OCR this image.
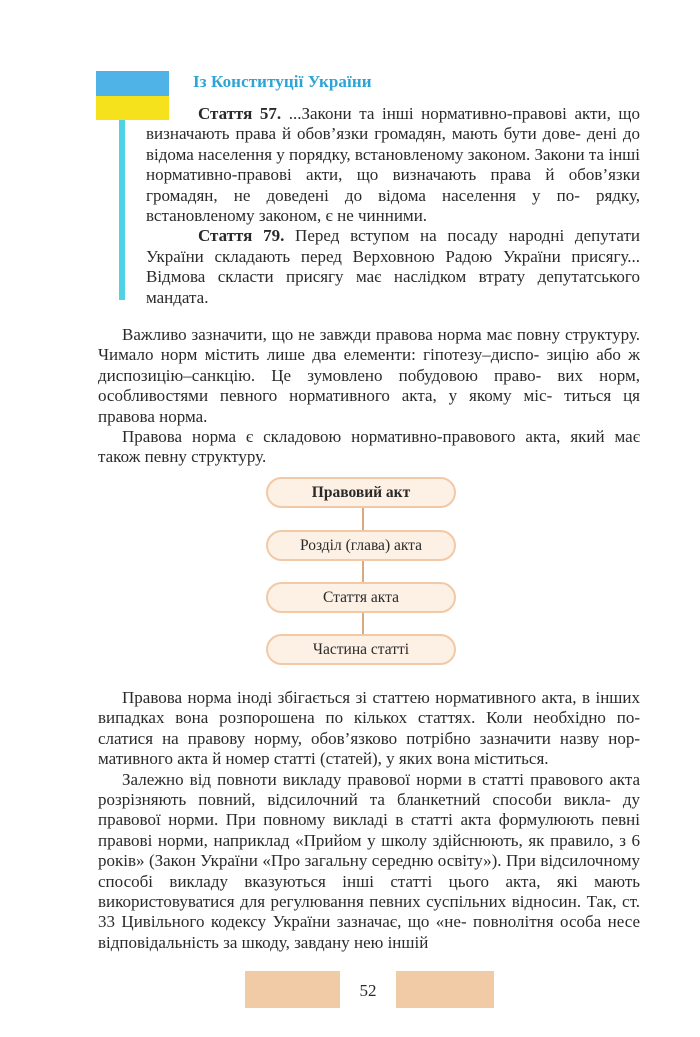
Із Конституції України

Стаття 57. ...Закони та інші нормативно-правові акти, що визначають права й обов’язки громадян, мають бути дове- дені до відома населення у порядку, встановленому законом. Закони та інші нормативно-правові акти, що визначають права й обов’язки громадян, не доведені до відома населення у по- рядку, встановленому законом, є не чинними.

Стаття 79. Перед вступом на посаду народні депутати України складають перед Верховною Радою України присягу... Відмова скласти присягу має наслідком втрату депутатського мандата.

Важливо зазначити, що не завжди правова норма має повну структуру. Чимало норм містить лише два елементи: гіпотезу–диспо- зицію або ж диспозицію–санкцію. Це зумовлено побудовою право- вих норм, особливостями певного нормативного акта, у якому міс- титься ця правова норма.

Правова норма є складовою нормативно-правового акта, який має також певну структуру.

Правовий акт
Розділ (глава) акта
Стаття акта
Частина статті

Правова норма іноді збігається зі статтею нормативного акта, в інших випадках вона розпорошена по кількох статтях. Коли необхідно по- слатися на правову норму, обов’язково потрібно зазначити назву нор- мативного акта й номер статті (статей), у яких вона міститься.

Залежно від повноти викладу правової норми в статті правового акта розрізняють повний, відсилочний та бланкетний способи викла- ду правової норми. При повному викладі в статті акта формулюють певні правові норми, наприклад «Прийом у школу здійснюють, як правило, з 6 років» (Закон України «Про загальну середню освіту»). При відсилочному способі викладу вказуються інші статті цього акта, які мають використовуватися для регулювання певних суспільних відносин. Так, ст. 33 Цивільного кодексу України зазначає, що «не- повнолітня особа несе відповідальність за шкоду, завдану нею іншій

52
